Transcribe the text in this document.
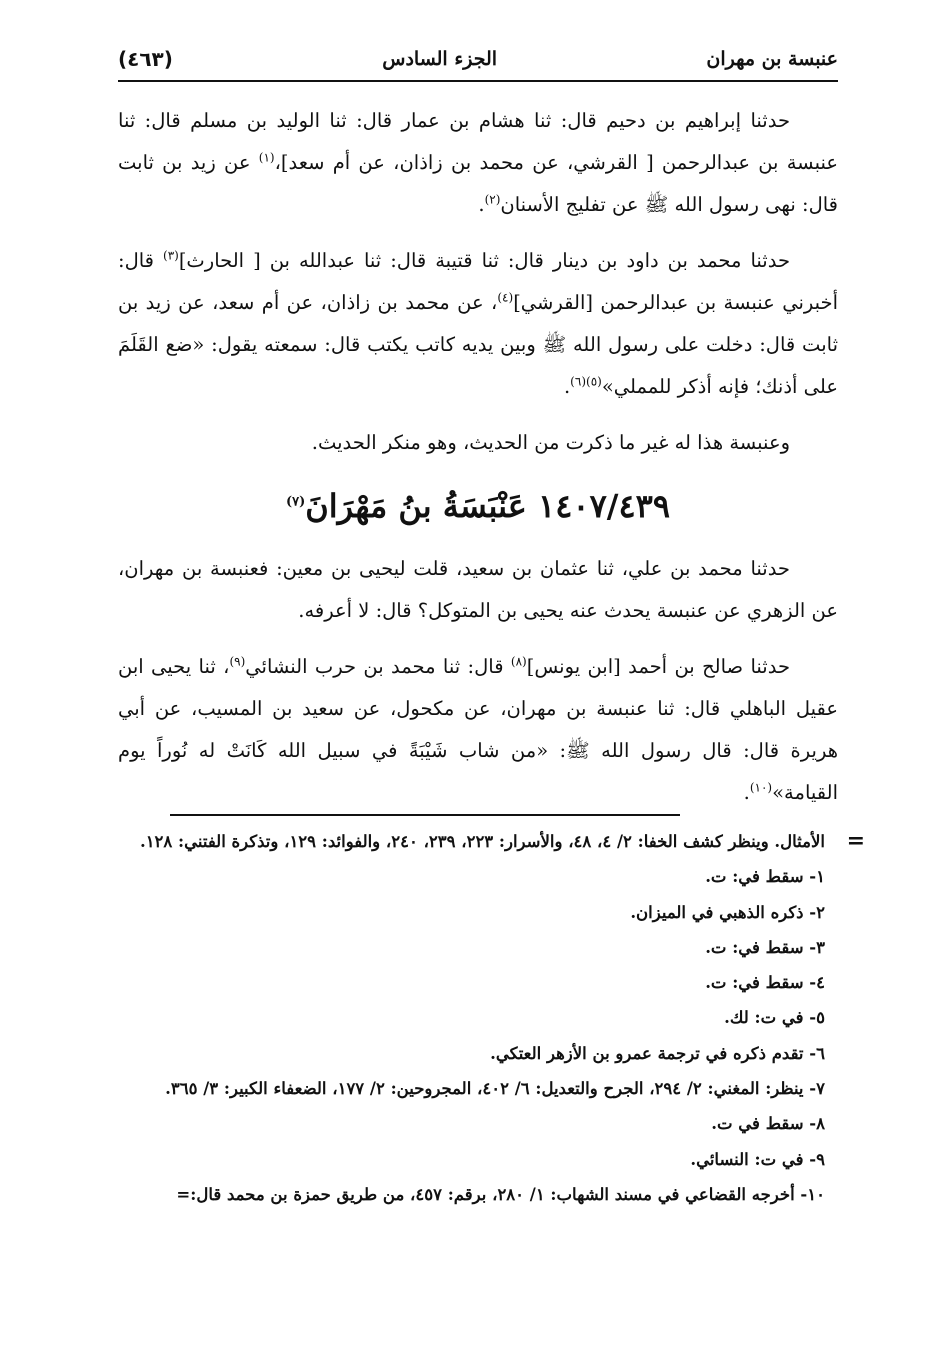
عنبسة بن مهران
الجزء السادس
(٤٦٣)

حدثنا إبراهيم بن دحيم قال: ثنا هشام بن عمار قال: ثنا الوليد بن مسلم قال: ثنا عنبسة بن عبدالرحمن [ القرشي، عن محمد بن زاذان، عن أم سعد]،$^{(١)}$ عن زيد بن ثابت قال: نهى رسول الله ﷺ عن تفليج الأسنان$^{(٢)}$.

حدثنا محمد بن داود بن دينار قال: ثنا قتيبة قال: ثنا عبدالله بن [ الحارث]$^{(٣)}$ قال: أخبرني عنبسة بن عبدالرحمن [القرشي]$^{(٤)}$، عن محمد بن زاذان، عن أم سعد، عن زيد بن ثابت قال: دخلت على رسول الله ﷺ وبين يديه كاتب يكتب قال: سمعته يقول: «ضع القَلَمَ على أذنك؛ فإنه أذكر للمملي»$^{(٥)(٦)}$.

وعنبسة هذا له غير ما ذكرت من الحديث، وهو منكر الحديث.

١٤٠٧/٤٣٩ عَنْبَسَةُ بنُ مَهْرَانَ$^{(٧)}$

حدثنا محمد بن علي، ثنا عثمان بن سعيد، قلت ليحيى بن معين: فعنبسة بن مهران، عن الزهري عن عنبسة يحدث عنه يحيى بن المتوكل؟ قال: لا أعرفه.

حدثنا صالح بن أحمد [ابن يونس]$^{(٨)}$ قال: ثنا محمد بن حرب النشائي$^{(٩)}$، ثنا يحيى ابن عقيل الباهلي قال: ثنا عنبسة بن مهران، عن مكحول، عن سعيد بن المسيب، عن أبي هريرة قال: قال رسول الله ﷺ: «من شاب شَيْبَةً في سبيل الله كَانَتْ له نُوراً يوم القيامة»$^{(١٠)}$.

=
الأمثال. وينظر كشف الخفا: ٢/ ٤، ٤٨، والأسرار: ٢٢٣، ٢٣٩، ٢٤٠، والفوائد: ١٢٩، وتذكرة الفتني: ١٢٨.

١- سقط في: ت.

٢- ذكره الذهبي في الميزان.

٣- سقط في: ت.

٤- سقط في: ت.

٥- في ت: لك.

٦- تقدم ذكره في ترجمة عمرو بن الأزهر العتكي.

٧- ينظر: المغني: ٢/ ٢٩٤، الجرح والتعديل: ٦/ ٤٠٢، المجروحين: ٢/ ١٧٧، الضعفاء الكبير: ٣/ ٣٦٥.

٨- سقط في ت.

٩- في ت: النسائي.

١٠- أخرجه القضاعي في مسند الشهاب: ١/ ٢٨٠، برقم: ٤٥٧، من طريق حمزة بن محمد قال:=
